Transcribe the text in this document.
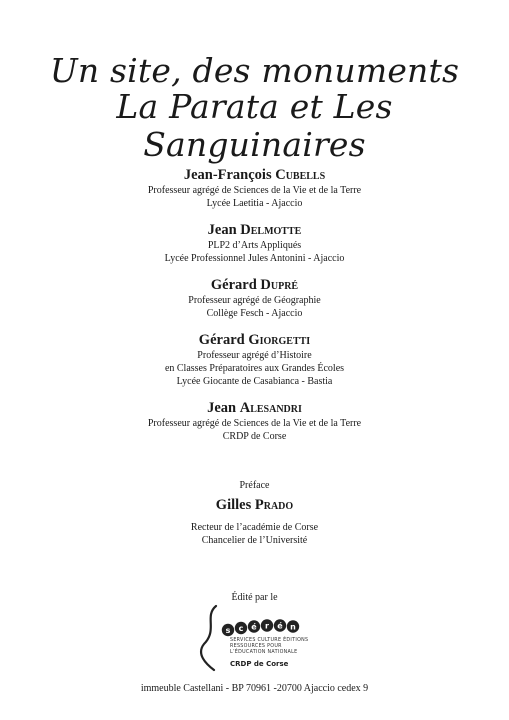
Un site, des monuments
La Parata et Les Sanguinaires
Jean-François Cubells
Professeur agrégé de Sciences de la Vie et de la Terre
Lycée Laetitia - Ajaccio
Jean Delmotte
PLP2 d’Arts Appliqués
Lycée Professionnel Jules Antonini - Ajaccio
Gérard Dupré
Professeur agrégé de Géographie
Collège Fesch - Ajaccio
Gérard Giorgetti
Professeur agrégé d’Histoire
en Classes Préparatoires aux Grandes Écoles
Lycée Giocante de Casabianca - Bastia
Jean Alesandri
Professeur agrégé de Sciences de la Vie et de la Terre
CRDP de Corse
Préface
Gilles Prado
Recteur de l’académie de Corse
Chancelier de l’Université
Édité par le
s c é r é n
SERVICES CULTURE ÉDITIONS
RESSOURCES POUR
L’ÉDUCATION NATIONALE
CRDP de Corse
immeuble Castellani - BP 70961 -20700 Ajaccio cedex 9
